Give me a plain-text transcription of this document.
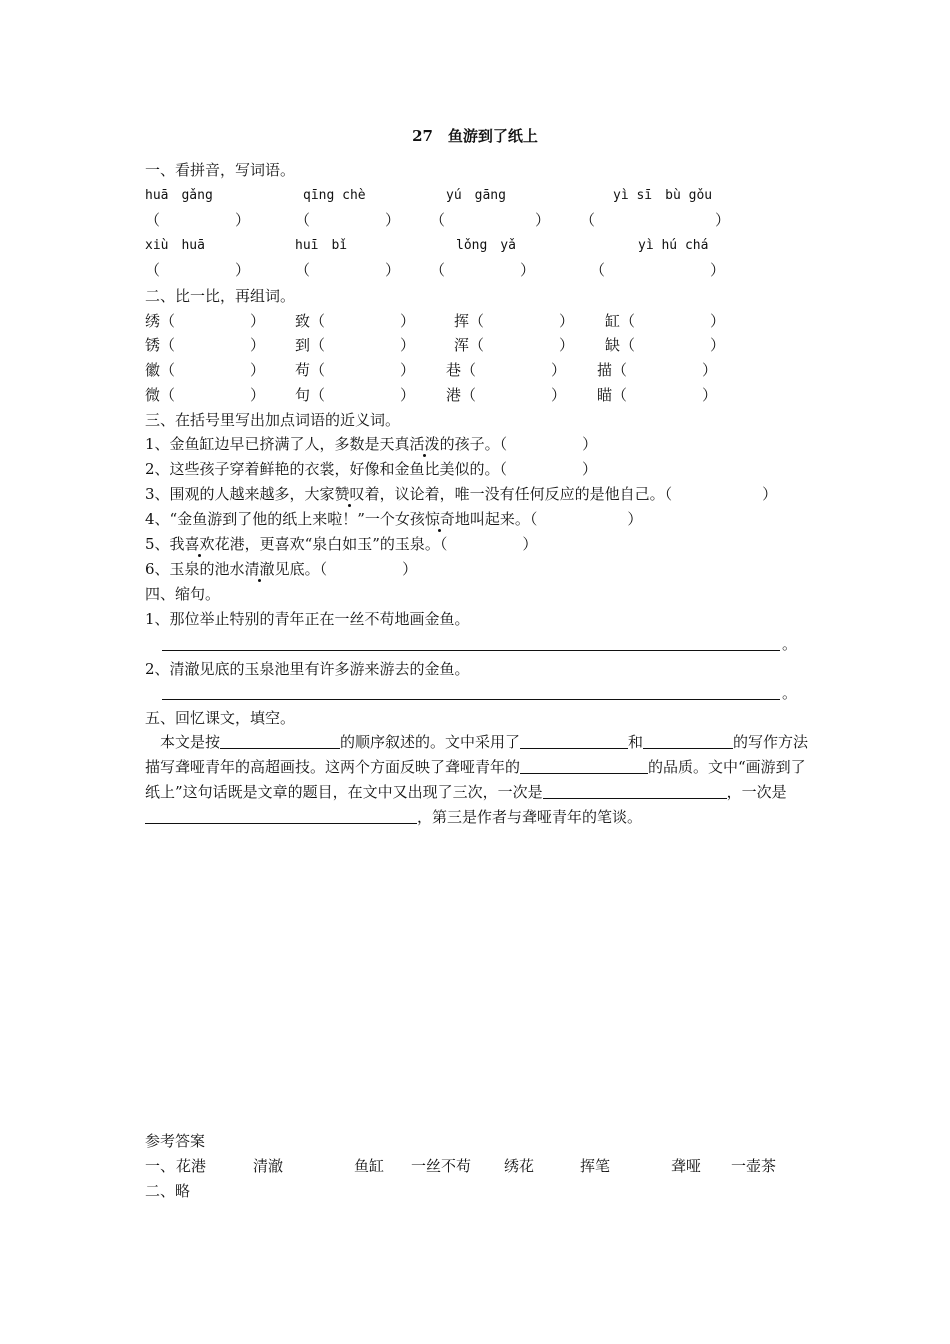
27　鱼游到了纸上
一、看拼音，写词语。
huā　gǎng	qīng chè	yú　gāng	yì sī　bù gǒu
（　　　　　）	（　　　　　） （　　　　　　） （　　　　　　　　）
xiù　huā	huī　bǐ	lǒng　yǎ	yì hú chá
（　　　　　）	（　　　　　） （　　　　　）	（　　　　　　　）
二、比一比，再组词。
绣（　　　　　） 致（　　　　　）	挥（　　　　　） 缸（　　　　　）
锈（　　　　　） 到（　　　　　）	浑（　　　　　） 缺（　　　　　）
徽（　　　　　） 苟（　　　　　） 巷（　　　　　） 描（　　　　　）
微（　　　　　） 句（　　　　　） 港（　　　　　） 瞄（　　　　　）
三、在括号里写出加点词语的近义词。
1、金鱼缸边早已挤满了人，多数是天真活泼的孩子。（　　　　　）
2、这些孩子穿着鲜艳的衣裳，好像和金鱼比美似的。（　　　　　）
3、围观的人越来越多，大家赞叹着，议论着，唯一没有任何反应的是他自己。（　　　　　　）
4、“金鱼游到了他的纸上来啦！”一个女孩惊奇地叫起来。（　　　　　　）
5、我喜欢花港，更喜欢“泉白如玉”的玉泉。（　　　　　）
6、玉泉的池水清澈见底。（　　　　　）
四、缩句。
1、那位举止特别的青年正在一丝不苟地画金鱼。
。
2、清澈见底的玉泉池里有许多游来游去的金鱼。
。
五、回忆课文，填空。
本文是按	的顺序叙述的。文中采用了	和	的写作方法描写聋哑青年的高超画技。这两个方面反映了聋哑青年的	的品质。文中“画游到了纸上”这句话既是文章的题目，在文中又出现了三次，一次是	，一次是，第三是作者与聋哑青年的笔谈。
参考答案
一、 花港	清澈	鱼缸 一丝不苟 绣花	挥笔	聋哑 一壶茶
二、略
